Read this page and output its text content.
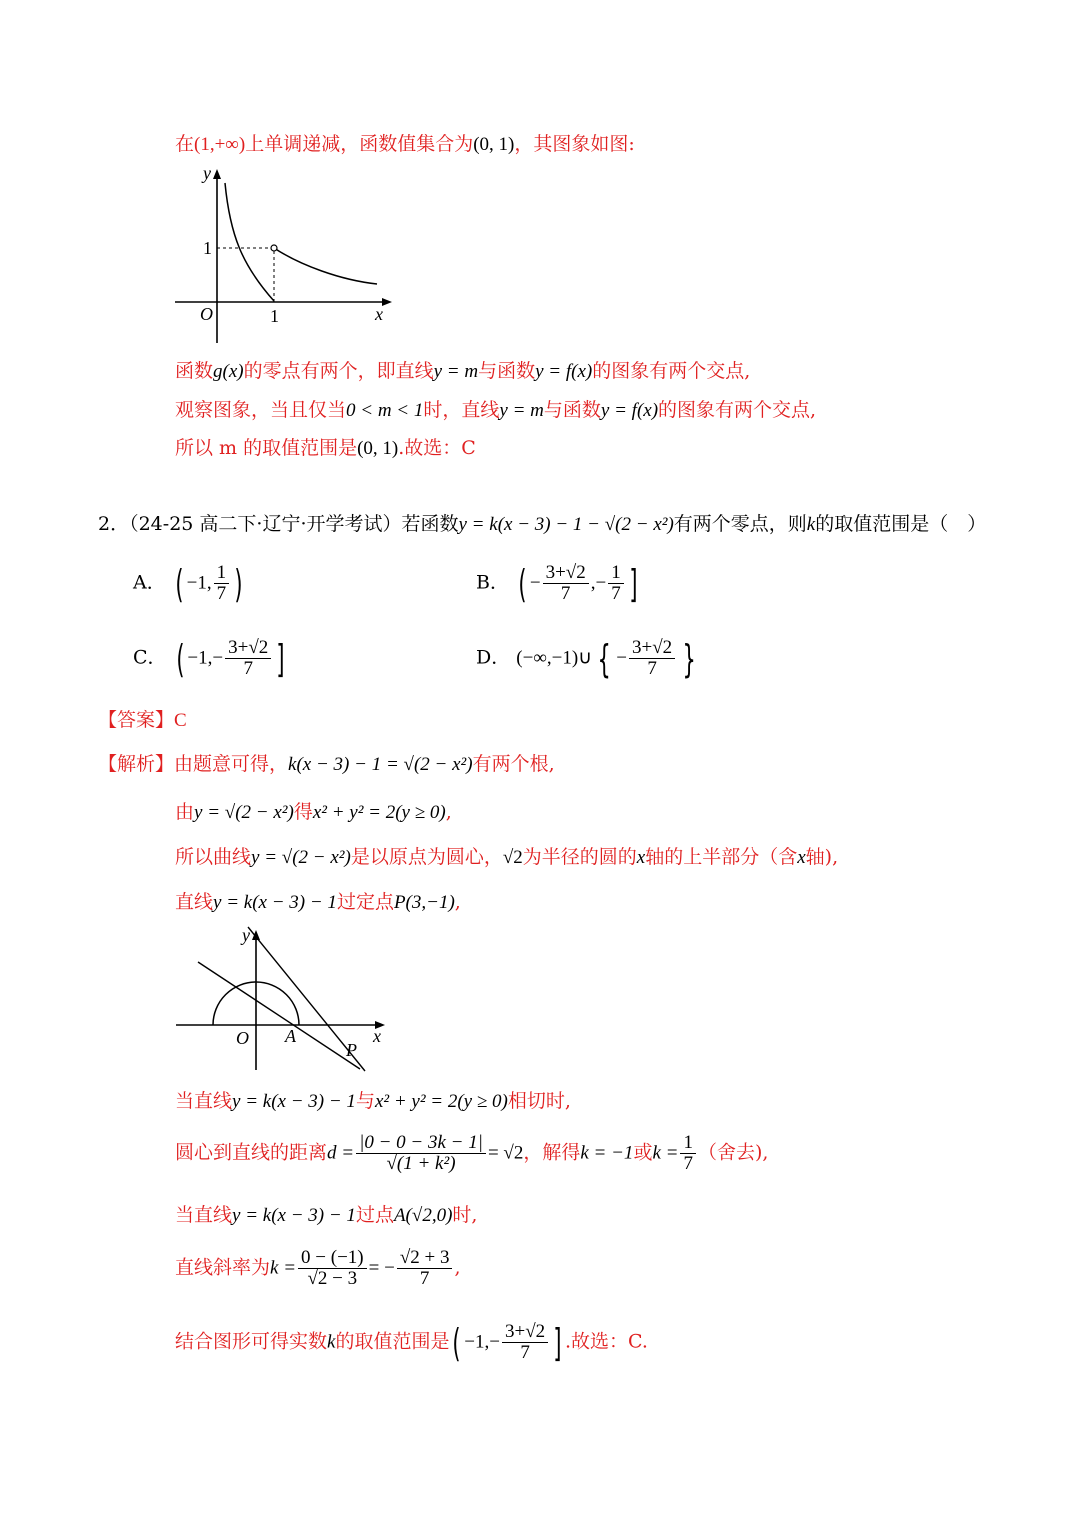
在(1,+∞)上单调递减，函数值集合为(0, 1)，其图象如图:
y
x
O	1
1
函数g(x)的零点有两个，即直线y = m与函数y = f(x)的图象有两个交点,
观察图象，当且仅当0 < m < 1时，直线y = m与函数y = f(x)的图象有两个交点,
所以 m 的取值范围是(0, 1).故选：C
2．（24-25 高二下·辽宁·开学考试）若函数y = k(x − 3) − 1 − √(2 − x²)有两个零点，则k的取值范围是（　）
A． ( −1, $\frac{1}{7}$ )	B． ( − $\frac{3+√2}{7}$ ,− $\frac{1}{7}$ ]
C． ( $-1,- \frac{3+√2}{7}$ ]	D． (−∞,−1)∪ { − $\frac{3+√2}{7}$ }
【答案】C
【解析】由题意可得，k(x − 3) − 1 = √(2 − x²)有两个根,
由y = √(2 − x²)得x² + y² = 2(y ≥ 0),
所以曲线y = √(2 − x²)是以原点为圆心，√2为半径的圆的x轴的上半部分（含x轴),
直线y = k(x − 3) − 1过定点P(3,−1),
y
x
O A
P
当直线y = k(x − 3) − 1与x² + y² = 2(y ≥ 0)相切时,
圆心到直线的距离$d = \frac{|0 - 0 - 3k - 1|}{\text{√(1 + k²)}} = √2$，解得k = −1或$k = \frac{1}{7}$ （舍去),
当直线y = k(x − 3) − 1过点A(√2,0)时,
直线斜率为$k = \frac{0 - (-1)}{√2 - 3}$ = − $\frac{√2 + 3}{7}$ ,
结合图形可得实数k的取值范围是( $-1,- \frac{3+√2}{7}$ ] .故选：C.
